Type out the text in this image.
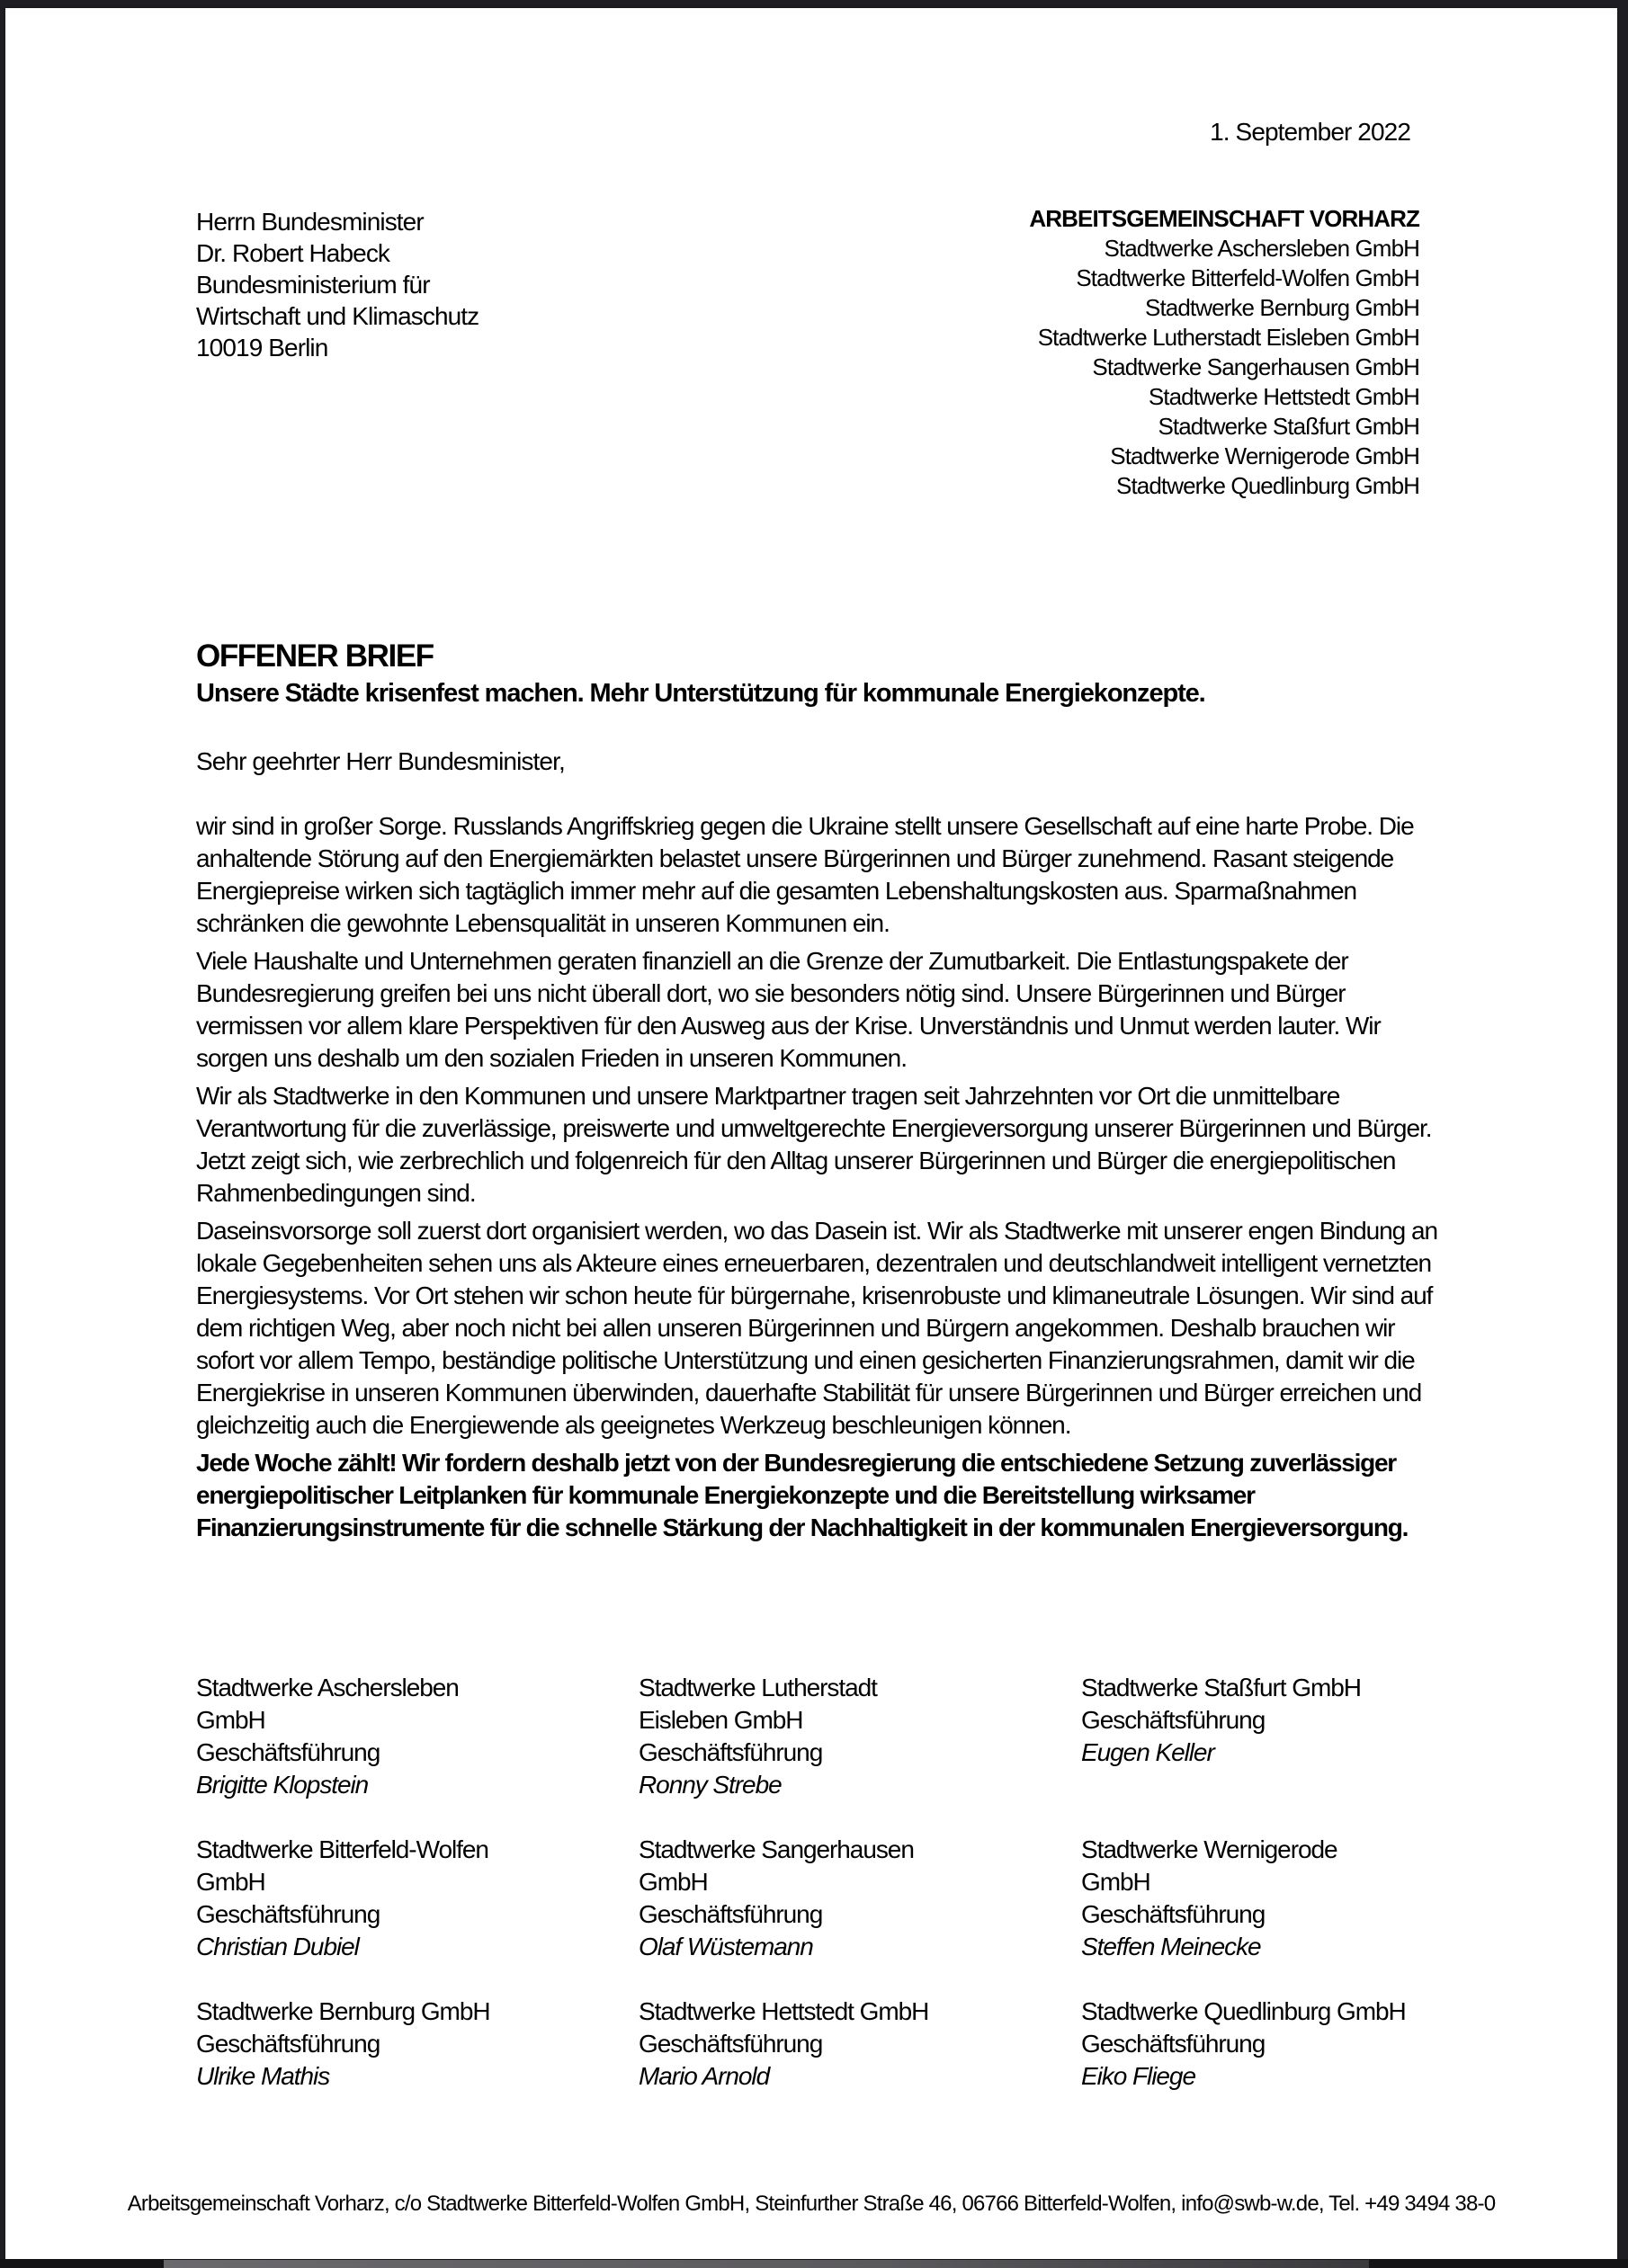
1. September 2022
Herrn Bundesminister
Dr. Robert Habeck
Bundesministerium für
Wirtschaft und Klimaschutz
10019 Berlin
ARBEITSGEMEINSCHAFT VORHARZ
Stadtwerke Aschersleben GmbH
Stadtwerke Bitterfeld-Wolfen GmbH
Stadtwerke Bernburg GmbH
Stadtwerke Lutherstadt Eisleben GmbH
Stadtwerke Sangerhausen GmbH
Stadtwerke Hettstedt GmbH
Stadtwerke Staßfurt GmbH
Stadtwerke Wernigerode GmbH
Stadtwerke Quedlinburg GmbH
OFFENER BRIEF
Unsere Städte krisenfest machen. Mehr Unterstützung für kommunale Energiekonzepte.
Sehr geehrter Herr Bundesminister,

wir sind in großer Sorge. Russlands Angriffskrieg gegen die Ukraine stellt unsere Gesellschaft auf eine harte Probe. Die anhaltende Störung auf den Energiemärkten belastet unsere Bürgerinnen und Bürger zunehmend. Rasant steigende Energiepreise wirken sich tagtäglich immer mehr auf die gesamten Lebenshaltungskosten aus. Sparmaßnahmen schränken die gewohnte Lebensqualität in unseren Kommunen ein.

Viele Haushalte und Unternehmen geraten finanziell an die Grenze der Zumutbarkeit. Die Entlastungspakete der Bundesregierung greifen bei uns nicht überall dort, wo sie besonders nötig sind. Unsere Bürgerinnen und Bürger vermissen vor allem klare Perspektiven für den Ausweg aus der Krise. Unverständnis und Unmut werden lauter. Wir sorgen uns deshalb um den sozialen Frieden in unseren Kommunen.

Wir als Stadtwerke in den Kommunen und unsere Marktpartner tragen seit Jahrzehnten vor Ort die unmittelbare Verantwortung für die zuverlässige, preiswerte und umweltgerechte Energieversorgung unserer Bürgerinnen und Bürger. Jetzt zeigt sich, wie zerbrechlich und folgenreich für den Alltag unserer Bürgerinnen und Bürger die energiepolitischen Rahmenbedingungen sind.

Daseinsvorsorge soll zuerst dort organisiert werden, wo das Dasein ist. Wir als Stadtwerke mit unserer engen Bindung an lokale Gegebenheiten sehen uns als Akteure eines erneuerbaren, dezentralen und deutschlandweit intelligent vernetzten Energiesystems. Vor Ort stehen wir schon heute für bürgernahe, krisenrobuste und klimaneutrale Lösungen. Wir sind auf dem richtigen Weg, aber noch nicht bei allen unseren Bürgerinnen und Bürgern angekommen. Deshalb brauchen wir sofort vor allem Tempo, beständige politische Unterstützung und einen gesicherten Finanzierungsrahmen, damit wir die Energiekrise in unseren Kommunen überwinden, dauerhafte Stabilität für unsere Bürgerinnen und Bürger erreichen und gleichzeitig auch die Energiewende als geeignetes Werkzeug beschleunigen können.

Jede Woche zählt! Wir fordern deshalb jetzt von der Bundesregierung die entschiedene Setzung zuverlässiger energiepolitischer Leitplanken für kommunale Energiekonzepte und die Bereitstellung wirksamer Finanzierungsinstrumente für die schnelle Stärkung der Nachhaltigkeit in der kommunalen Energieversorgung.

Stadtwerke Aschersleben GmbH
Geschäftsführung
Brigitte Klopstein
Stadtwerke Lutherstadt Eisleben GmbH
Geschäftsführung
Ronny Strebe
Stadtwerke Staßfurt GmbH
Geschäftsführung
Eugen Keller
Stadtwerke Bitterfeld-Wolfen GmbH
Geschäftsführung
Christian Dubiel
Stadtwerke Sangerhausen GmbH
Geschäftsführung
Olaf Wüstemann
Stadtwerke Wernigerode GmbH
Geschäftsführung
Steffen Meinecke
Stadtwerke Bernburg GmbH
Geschäftsführung
Ulrike Mathis
Stadtwerke Hettstedt GmbH
Geschäftsführung
Mario Arnold
Stadtwerke Quedlinburg GmbH
Geschäftsführung
Eiko Fliege
Arbeitsgemeinschaft Vorharz, c/o Stadtwerke Bitterfeld-Wolfen GmbH, Steinfurther Straße 46, 06766 Bitterfeld-Wolfen, info@swb-w.de, Tel. +49 3494 38-0
